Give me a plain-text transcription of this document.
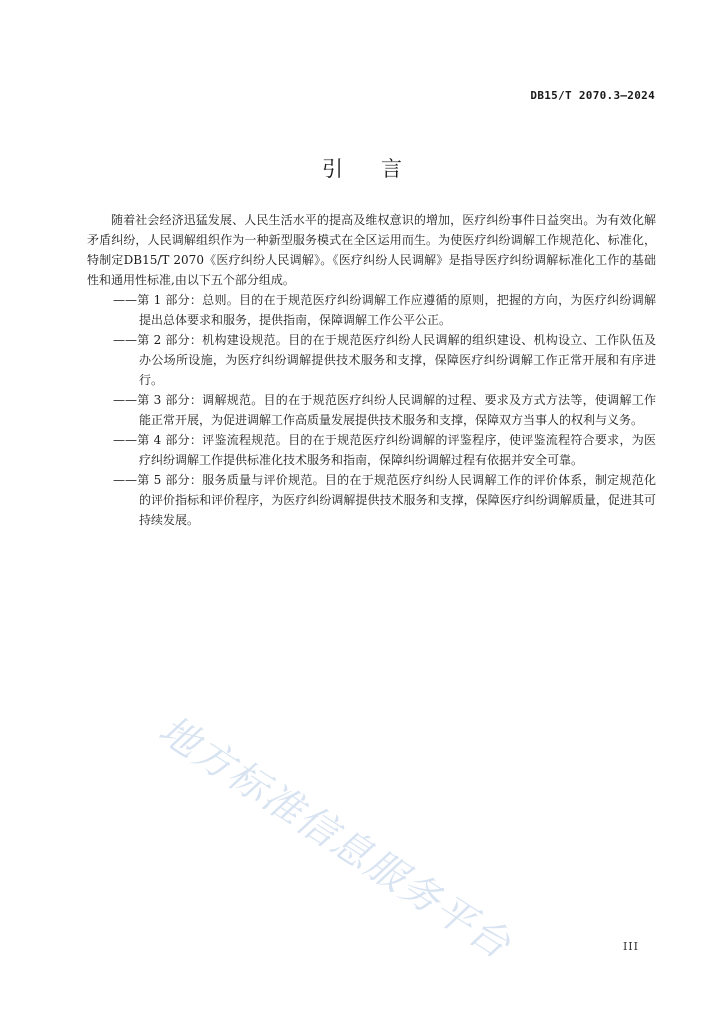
DB15/T 2070.3—2024
引言

随着社会经济迅猛发展、人民生活水平的提高及维权意识的增加，医疗纠纷事件日益突出。为有效化解矛盾纠纷，人民调解组织作为一种新型服务模式在全区运用而生。为使医疗纠纷调解工作规范化、标准化，特制定DB15/T 2070《医疗纠纷人民调解》。《医疗纠纷人民调解》是指导医疗纠纷调解标准化工作的基础性和通用性标准,由以下五个部分组成。

——第 1 部分：总则。目的在于规范医疗纠纷调解工作应遵循的原则，把握的方向，为医疗纠纷调解提出总体要求和服务，提供指南，保障调解工作公平公正。

——第 2 部分：机构建设规范。目的在于规范医疗纠纷人民调解的组织建设、机构设立、工作队伍及办公场所设施，为医疗纠纷调解提供技术服务和支撑，保障医疗纠纷调解工作正常开展和有序进行。

——第 3 部分：调解规范。目的在于规范医疗纠纷人民调解的过程、要求及方式方法等，使调解工作能正常开展，为促进调解工作高质量发展提供技术服务和支撑，保障双方当事人的权利与义务。

——第 4 部分：评鉴流程规范。目的在于规范医疗纠纷调解的评鉴程序，使评鉴流程符合要求，为医疗纠纷调解工作提供标准化技术服务和指南，保障纠纷调解过程有依据并安全可靠。

——第 5 部分：服务质量与评价规范。目的在于规范医疗纠纷人民调解工作的评价体系，制定规范化的评价指标和评价程序，为医疗纠纷调解提供技术服务和支撑，保障医疗纠纷调解质量，促进其可持续发展。

地方标准信息服务平台	III
